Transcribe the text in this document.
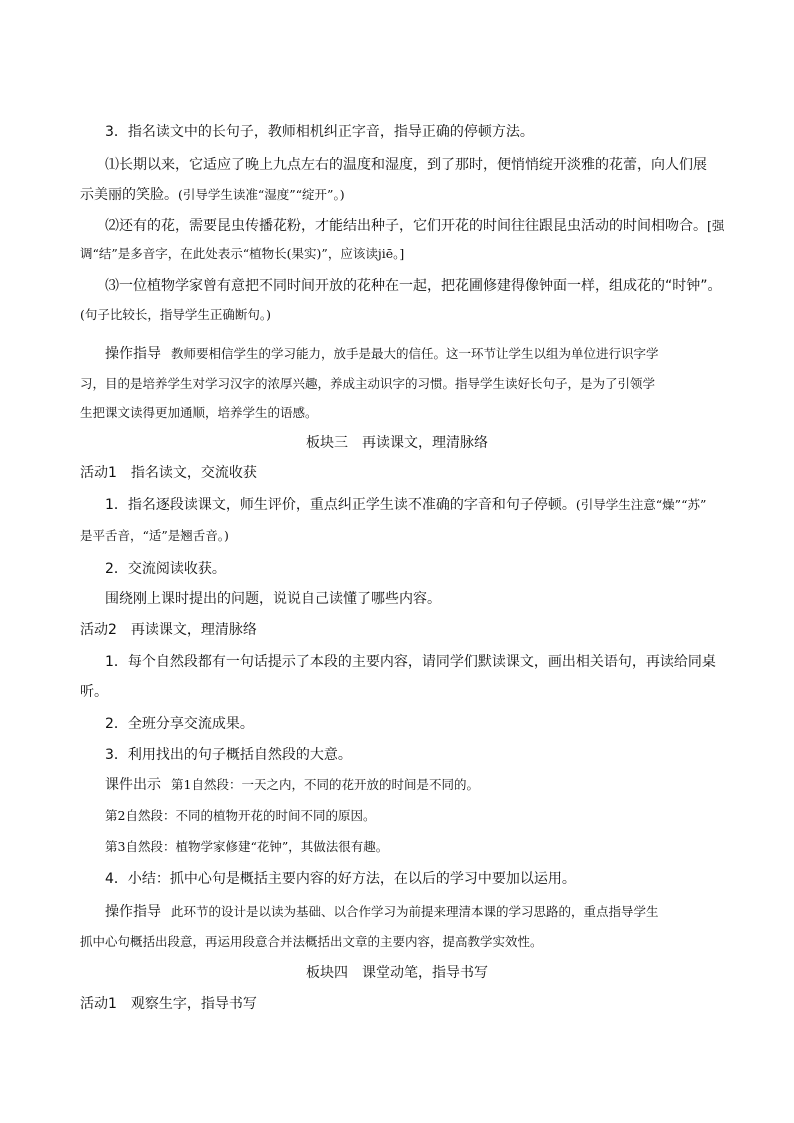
3．指名读文中的长句子，教师相机纠正字音，指导正确的停顿方法。
⑴长期以来，它适应了晚上九点左右的温度和湿度，到了那时，便悄悄绽开淡雅的花蕾，向人们展
示美丽的笑脸。(引导学生读准“湿度”“绽开”。)
⑵还有的花，需要昆虫传播花粉，才能结出种子，它们开花的时间往往跟昆虫活动的时间相吻合。[强
调“结”是多音字，在此处表示“植物长(果实)”，应该读jiē。]
⑶一位植物学家曾有意把不同时间开放的花种在一起，把花圃修建得像钟面一样，组成花的“时钟”。
(句子比较长，指导学生正确断句。)
操作指导 教师要相信学生的学习能力，放手是最大的信任。这一环节让学生以组为单位进行识字学
习，目的是培养学生对学习汉字的浓厚兴趣，养成主动识字的习惯。指导学生读好长句子，是为了引领学
生把课文读得更加通顺，培养学生的语感。
板块三　再读课文，理清脉络
活动1　指名读文，交流收获
1．指名逐段读课文，师生评价，重点纠正学生读不准确的字音和句子停顿。(引导学生注意“燥”“苏”
是平舌音，“适”是翘舌音。)
2．交流阅读收获。
围绕刚上课时提出的问题，说说自己读懂了哪些内容。
活动2　再读课文，理清脉络
1．每个自然段都有一句话提示了本段的主要内容，请同学们默读课文，画出相关语句，再读给同桌
听。
2．全班分享交流成果。
3．利用找出的句子概括自然段的大意。
课件出示 第1自然段：一天之内，不同的花开放的时间是不同的。
第2自然段：不同的植物开花的时间不同的原因。
第3自然段：植物学家修建“花钟”，其做法很有趣。
4．小结：抓中心句是概括主要内容的好方法，在以后的学习中要加以运用。
操作指导 此环节的设计是以读为基础、以合作学习为前提来理清本课的学习思路的，重点指导学生
抓中心句概括出段意，再运用段意合并法概括出文章的主要内容，提高教学实效性。
板块四　课堂动笔，指导书写
活动1　观察生字，指导书写
